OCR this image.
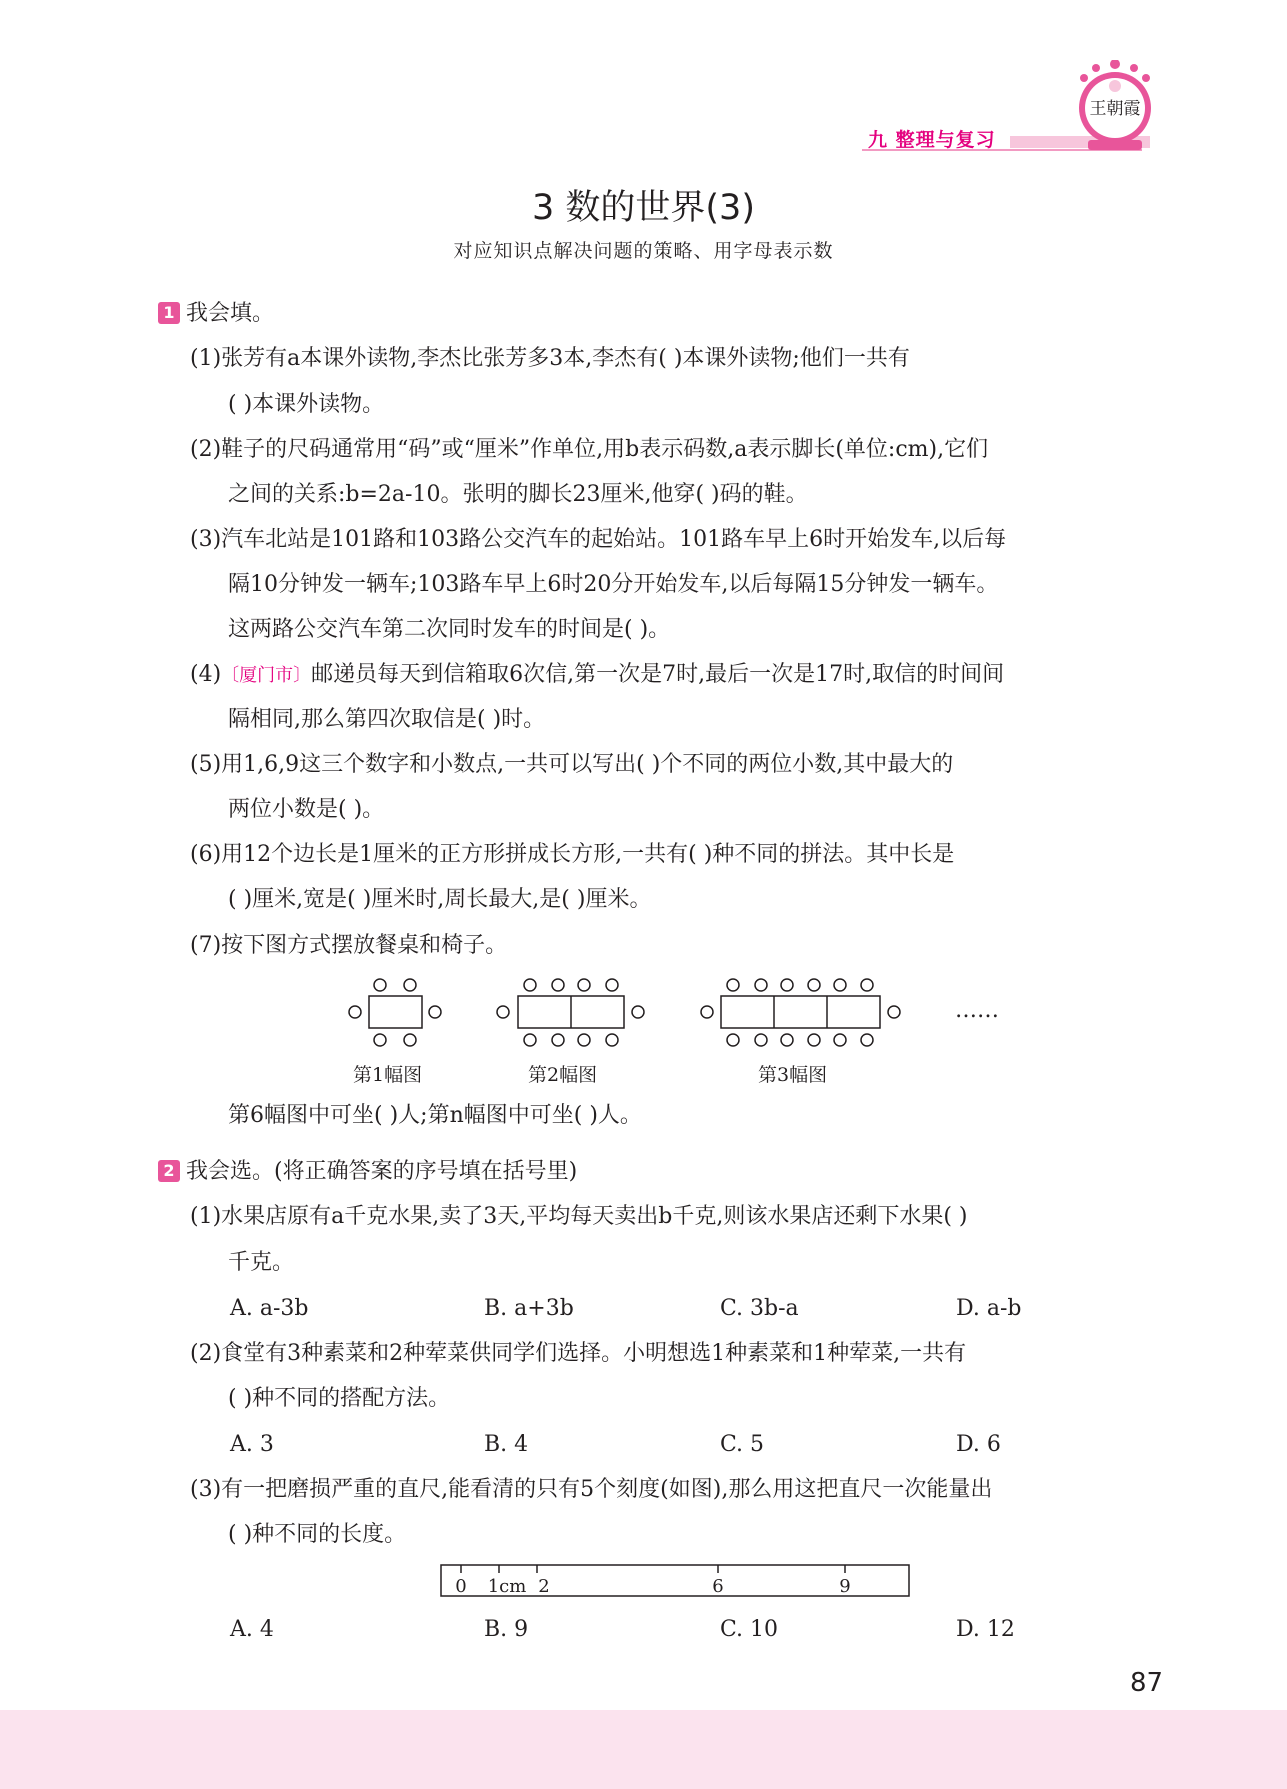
九 整理与复习
王朝霞
3 数的世界(3)
对应知识点解决问题的策略、用字母表示数
1 我会填。
(1)张芳有a本课外读物,李杰比张芳多3本,李杰有( )本课外读物;他们一共有
( )本课外读物。
(2)鞋子的尺码通常用“码”或“厘米”作单位,用b表示码数,a表示脚长(单位:cm),它们
之间的关系:b=2a-10。张明的脚长23厘米,他穿( )码的鞋。
(3)汽车北站是101路和103路公交汽车的起始站。101路车早上6时开始发车,以后每
隔10分钟发一辆车;103路车早上6时20分开始发车,以后每隔15分钟发一辆车。
这两路公交汽车第二次同时发车的时间是( )。
(4)〔厦门市〕邮递员每天到信箱取6次信,第一次是7时,最后一次是17时,取信的时间间
隔相同,那么第四次取信是( )时。
(5)用1,6,9这三个数字和小数点,一共可以写出( )个不同的两位小数,其中最大的
两位小数是( )。
(6)用12个边长是1厘米的正方形拼成长方形,一共有( )种不同的拼法。其中长是
( )厘米,宽是( )厘米时,周长最大,是( )厘米。
(7)按下图方式摆放餐桌和椅子。
……
第1幅图	第2幅图	第3幅图
第6幅图中可坐( )人;第n幅图中可坐( )人。
2 我会选。(将正确答案的序号填在括号里)
(1)水果店原有a千克水果,卖了3天,平均每天卖出b千克,则该水果店还剩下水果( )
千克。
A. a-3b	B. a+3b	C. 3b-a	D. a-b
(2)食堂有3种素菜和2种荤菜供同学们选择。小明想选1种素菜和1种荤菜,一共有
( )种不同的搭配方法。
A. 3	B. 4	C. 5	D. 6
(3)有一把磨损严重的直尺,能看清的只有5个刻度(如图),那么用这把直尺一次能量出
( )种不同的长度。
0 1cm 2	6	9
A. 4	B. 9	C. 10	D. 12
87
